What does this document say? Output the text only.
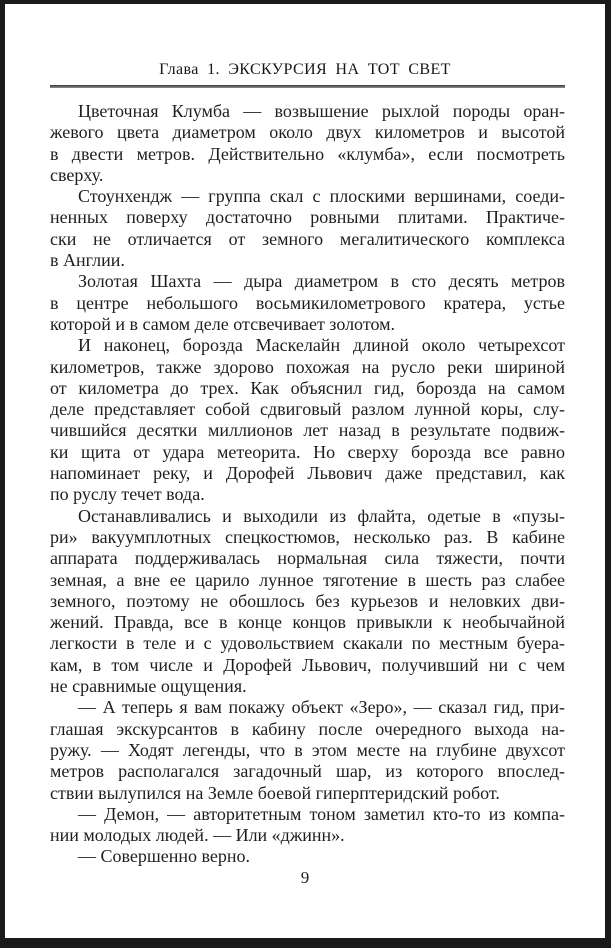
Глава 1. ЭКСКУРСИЯ НА ТОТ СВЕТ
Цветочная Клумба — возвышение рыхлой породы оран-
жевого цвета диаметром около двух километров и высотой
в двести метров. Действительно «клумба», если посмотреть
сверху.
Стоунхендж — группа скал с плоскими вершинами, соеди-
ненных поверху достаточно ровными плитами. Практиче-
ски не отличается от земного мегалитического комплекса
в Англии.
Золотая Шахта — дыра диаметром в сто десять метров
в центре небольшого восьмикилометрового кратера, устье
которой и в самом деле отсвечивает золотом.
И наконец, борозда Маскелайн длиной около четырехсот
километров, также здорово похожая на русло реки шириной
от километра до трех. Как объяснил гид, борозда на самом
деле представляет собой сдвиговый разлом лунной коры, слу-
чившийся десятки миллионов лет назад в результате подвиж-
ки щита от удара метеорита. Но сверху борозда все равно
напоминает реку, и Дорофей Львович даже представил, как
по руслу течет вода.
Останавливались и выходили из флайта, одетые в «пузы-
ри» вакуумплотных спецкостюмов, несколько раз. В кабине
аппарата поддерживалась нормальная сила тяжести, почти
земная, а вне ее царило лунное тяготение в шесть раз слабее
земного, поэтому не обошлось без курьезов и неловких дви-
жений. Правда, все в конце концов привыкли к необычайной
легкости в теле и с удовольствием скакали по местным буера-
кам, в том числе и Дорофей Львович, получивший ни с чем
не сравнимые ощущения.
— А теперь я вам покажу объект «Зеро», — сказал гид, при-
глашая экскурсантов в кабину после очередного выхода на-
ружу. — Ходят легенды, что в этом месте на глубине двухсот
метров располагался загадочный шар, из которого впослед-
ствии вылупился на Земле боевой гиперптеридский робот.
— Демон, — авторитетным тоном заметил кто-то из компа-
нии молодых людей. — Или «джинн».
— Совершенно верно.
9
